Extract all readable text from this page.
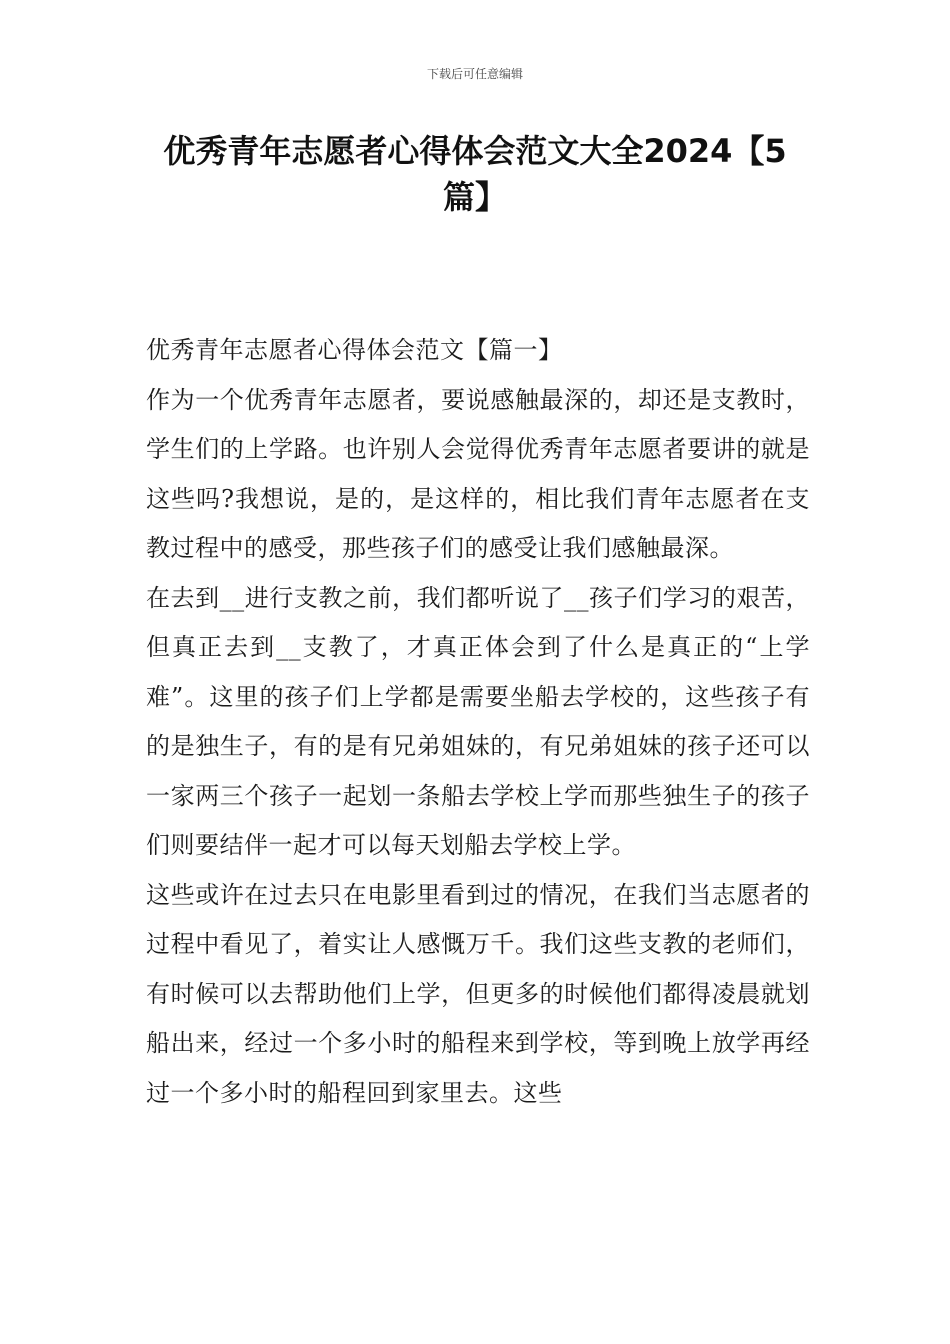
下载后可任意编辑
优秀青年志愿者心得体会范文大全2024【5篇】

优秀青年志愿者心得体会范文【篇一】

作为一个优秀青年志愿者，要说感触最深的，却还是支教时，学生们的上学路。也许别人会觉得优秀青年志愿者要讲的就是这些吗?我想说，是的，是这样的，相比我们青年志愿者在支教过程中的感受，那些孩子们的感受让我们感触最深。

在去到__进行支教之前，我们都听说了__孩子们学习的艰苦，但真正去到__支教了，才真正体会到了什么是真正的“上学难”。这里的孩子们上学都是需要坐船去学校的，这些孩子有的是独生子，有的是有兄弟姐妹的，有兄弟姐妹的孩子还可以一家两三个孩子一起划一条船去学校上学而那些独生子的孩子们则要结伴一起才可以每天划船去学校上学。

这些或许在过去只在电影里看到过的情况，在我们当志愿者的过程中看见了，着实让人感慨万千。我们这些支教的老师们，有时候可以去帮助他们上学，但更多的时候他们都得凌晨就划船出来，经过一个多小时的船程来到学校，等到晚上放学再经过一个多小时的船程回到家里去。这些
